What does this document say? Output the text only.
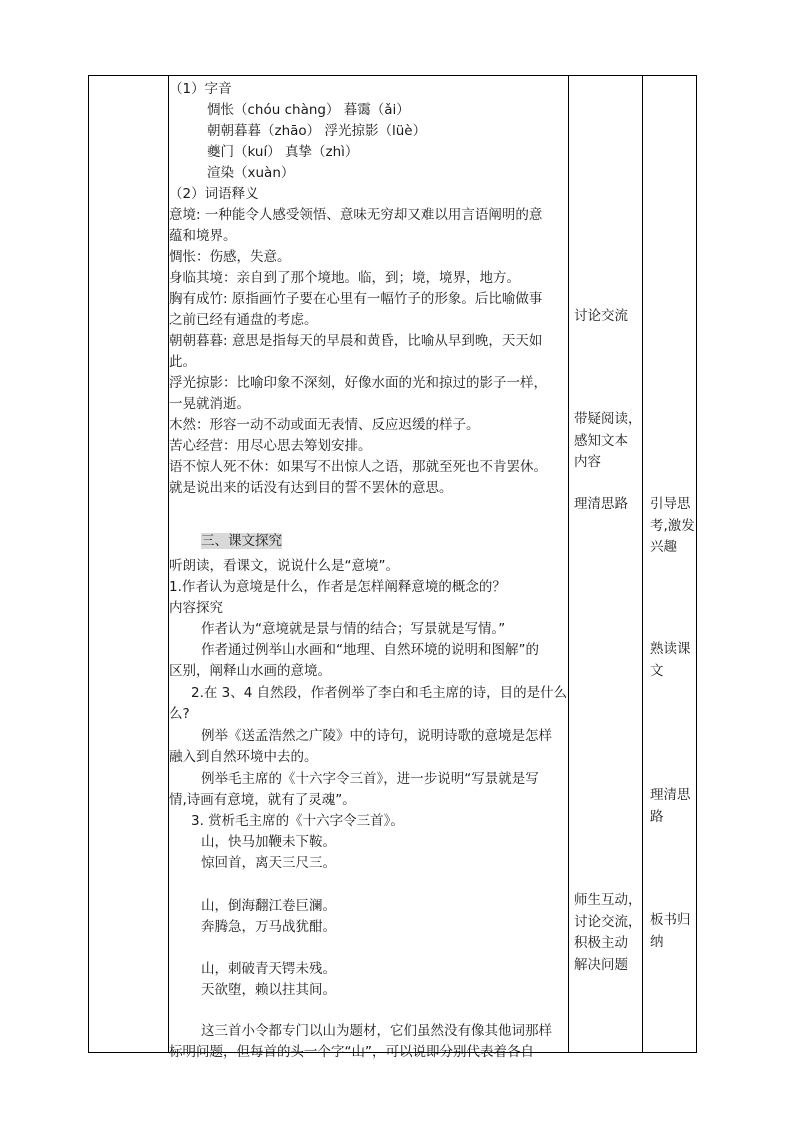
（1）字音
惆怅（chóu chàng） 暮霭（ǎi）
朝朝暮暮（zhāo） 浮光掠影（lüè）
夔门（kuí） 真挚（zhì）
渲染（xuàn）
（2）词语释义
意境: 一种能令人感受领悟、意味无穷却又难以用言语阐明的意
蕴和境界。
惆怅：伤感，失意。
身临其境：亲自到了那个境地。临，到；境，境界，地方。
胸有成竹: 原指画竹子要在心里有一幅竹子的形象。后比喻做事
之前已经有通盘的考虑。
朝朝暮暮: 意思是指每天的早晨和黄昏，比喻从早到晚，天天如
此。
浮光掠影：比喻印象不深刻，好像水面的光和掠过的影子一样，
一晃就消逝。
木然：形容一动不动或面无表情、反应迟缓的样子。
苦心经营：用尽心思去筹划安排。
语不惊人死不休：如果写不出惊人之语，那就至死也不肯罢休。
就是说出来的话没有达到目的誓不罢休的意思。
三、课文探究
听朗读，看课文，说说什么是“意境”。
1.作者认为意境是什么，作者是怎样阐释意境的概念的？
内容探究
作者认为“意境就是景与情的结合；写景就是写情。”
作者通过例举山水画和“地理、自然环境的说明和图解”的
区别，阐释山水画的意境。
2.在 3、4 自然段，作者例举了李白和毛主席的诗，目的是什么
么?
例举《送孟浩然之广陵》中的诗句，说明诗歌的意境是怎样
融入到自然环境中去的。
例举毛主席的《十六字令三首》，进一步说明“写景就是写
情,诗画有意境，就有了灵魂”。
3. 赏析毛主席的《十六字令三首》。
山，快马加鞭未下鞍。
惊回首，离天三尺三。
山，倒海翻江卷巨澜。
奔腾急，万马战犹酣。
山，刺破青天锷未残。
天欲堕，赖以拄其间。
这三首小令都专门以山为题材，它们虽然没有像其他词那样
标明问题，但每首的头一个字“山”，可以说即分别代表着各自
讨论交流
带疑阅读，
感知文本
内容
理清思路
师生互动，
讨论交流，
积极主动
解决问题
引导思
考,激发
兴趣
熟读课
文
理清思
路
板书归
纳
